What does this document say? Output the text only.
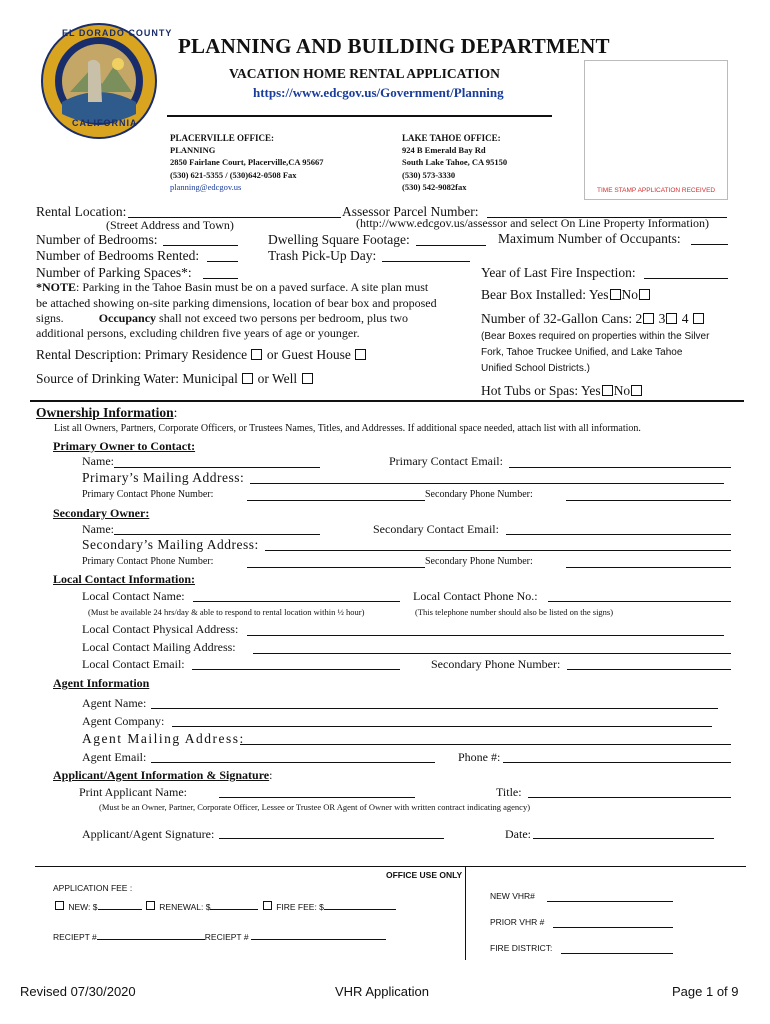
EL DORADO COUNTY
CALIFORNIA
PLANNING AND BUILDING DEPARTMENT
VACATION HOME RENTAL APPLICATION
https://www.edcgov.us/Government/Planning
PLACERVILLE OFFICE:
PLANNING
2850 Fairlane Court, Placerville,CA 95667
(530) 621-5355 / (530)642-0508 Fax
planning@edcgov.us
LAKE TAHOE OFFICE:
924 B Emerald Bay Rd
South Lake Tahoe, CA 95150
(530) 573-3330
(530) 542-9082fax	TIME STAMP APPLICATION RECEIVED
Rental Location:	Assessor Parcel Number:
(Street Address and Town)	(http://www.edcgov.us/assessor and select On Line Property Information)
Number of Bedrooms:	Dwelling Square Footage:	Maximum Number of Occupants:
Number of Bedrooms Rented:	Trash Pick-Up Day:
Number of Parking Spaces*:	Year of Last Fire Inspection:
*NOTE: Parking in the Tahoe Basin must be on a paved surface. A site plan must
be attached showing on-site parking dimensions, location of bear box and proposed
signs.	Occupancy shall not exceed two persons per bedroom, plus two
additional persons, excluding children five years of age or younger.
Bear Box Installed: Yes No
Number of 32-Gallon Cans: 2 3 4
(Bear Boxes required on properties within the Silver
Fork, Tahoe Truckee Unified, and Lake Tahoe
Unified School Districts.)
Rental Description: Primary Residence or Guest House
Source of Drinking Water: Municipal or Well
Hot Tubs or Spas: Yes No
Ownership Information:
List all Owners, Partners, Corporate Officers, or Trustees Names, Titles, and Addresses. If additional space needed, attach list with all information.
Primary Owner to Contact:
Name:	Primary Contact Email:
Primary’s Mailing Address:
Primary Contact Phone Number:	Secondary Phone Number:
Secondary Owner:
Name:	Secondary Contact Email:
Secondary’s Mailing Address:
Primary Contact Phone Number:	Secondary Phone Number:
Local Contact Information:
Local Contact Name:	Local Contact Phone No.:
(Must be available 24 hrs/day & able to respond to rental location within ½ hour)	(This telephone number should also be listed on the signs)
Local Contact Physical Address:
Local Contact Mailing Address:
Local Contact Email:	Secondary Phone Number:
Agent Information
Agent Name:
Agent Company:
Agent Mailing Address:
Agent Email:	Phone #:
Applicant/Agent Information & Signature:
Print Applicant Name:	Title:
(Must be an Owner, Partner, Corporate Officer, Lessee or Trustee OR Agent of Owner with written contract indicating agency)
Applicant/Agent Signature:	Date:
OFFICE USE ONLY
APPLICATION FEE :
NEW: $	RENEWAL: $	FIRE FEE: $
RECIEPT #	RECIEPT #
NEW VHR#
PRIOR VHR #
FIRE DISTRICT:
Revised 07/30/2020	VHR Application	Page 1 of 9
